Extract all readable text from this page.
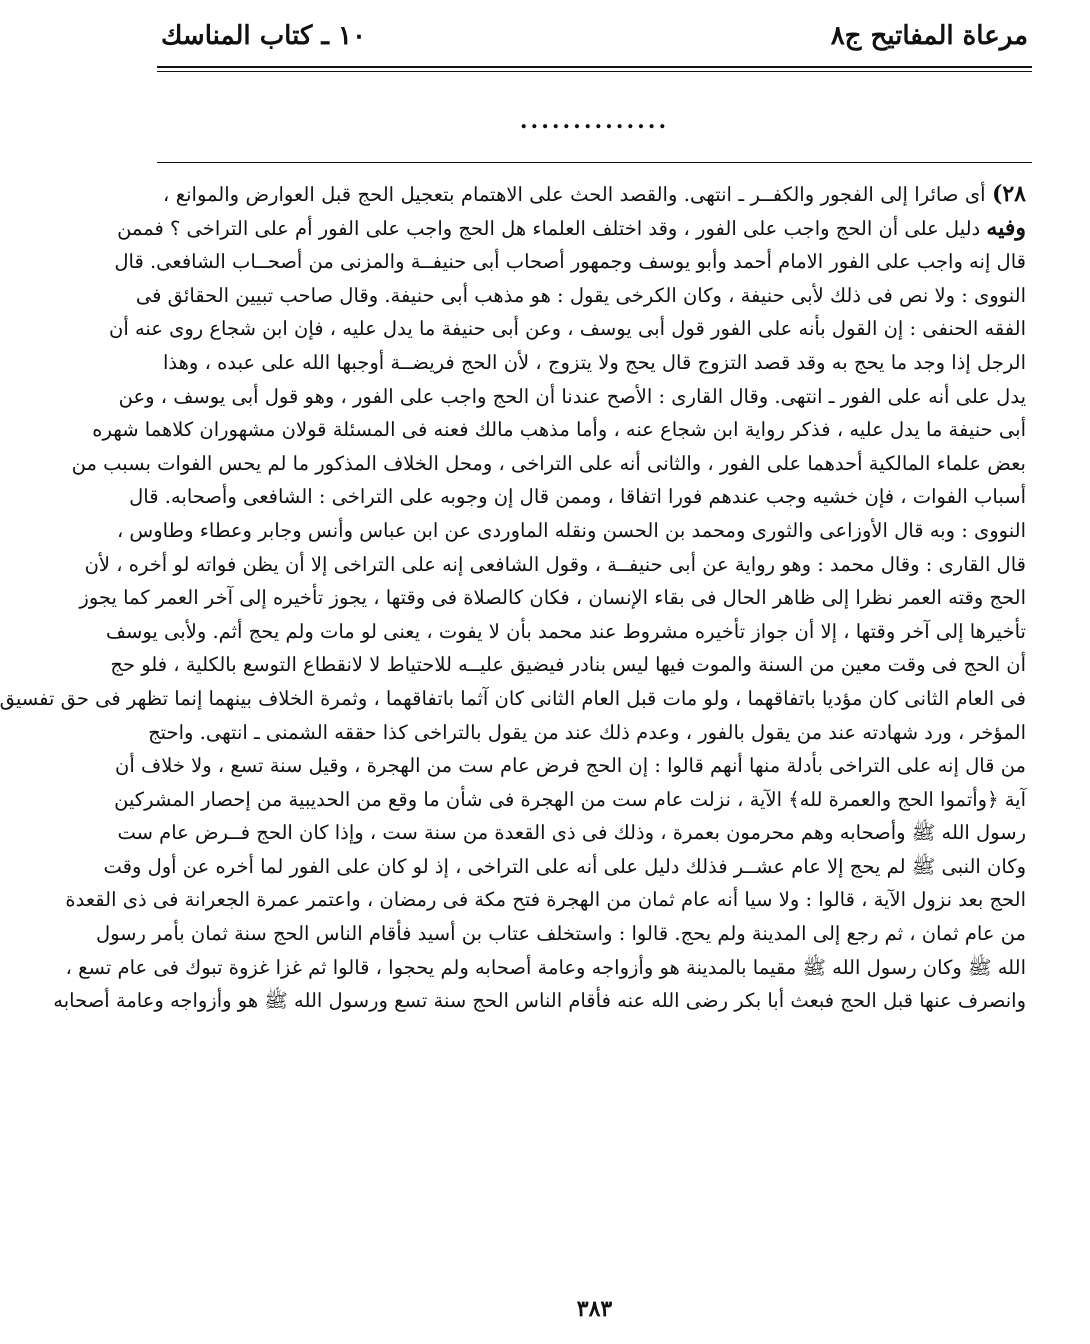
مرعاة المفاتيح ج٨
١٠ ـ كتاب المناسك
..............
٢٨) أى صائرا إلى الفجور والكفــر ـ انتهى. والقصد الحث على الاهتمام بتعجيل الحج قبل العوارض والموانع ،
وفيه دليل على أن الحج واجب على الفور ، وقد اختلف العلماء هل الحج واجب على الفور أم على التراخى ؟ فممن
قال إنه واجب على الفور الامام أحمد وأبو يوسف وجمهور أصحاب أبى حنيفــة والمزنى من أصحــاب الشافعى. قال
النووى : ولا نص فى ذلك لأبى حنيفة ، وكان الكرخى يقول : هو مذهب أبى حنيفة. وقال صاحب تبيين الحقائق فى
الفقه الحنفى : إن القول بأنه على الفور قول أبى يوسف ، وعن أبى حنيفة ما يدل عليه ، فإن ابن شجاع روى عنه أن
الرجل إذا وجد ما يحج به وقد قصد التزوج قال يحج ولا يتزوج ، لأن الحج فريضــة أوجبها الله على عبده ، وهذا
يدل على أنه على الفور ـ انتهى. وقال القارى : الأصح عندنا أن الحج واجب على الفور ، وهو قول أبى يوسف ، وعن
أبى حنيفة ما يدل عليه ، فذكر رواية ابن شجاع عنه ، وأما مذهب مالك فعنه فى المسئلة قولان مشهوران كلاهما شهره
بعض علماء المالكية أحدهما على الفور ، والثانى أنه على التراخى ، ومحل الخلاف المذكور ما لم يحس الفوات بسبب من
أسباب الفوات ، فإن خشيه وجب عندهم فورا اتفاقا ، وممن قال إن وجوبه على التراخى : الشافعى وأصحابه. قال
النووى : وبه قال الأوزاعى والثورى ومحمد بن الحسن ونقله الماوردى عن ابن عباس وأنس وجابر وعطاء وطاوس ،
قال القارى : وقال محمد : وهو رواية عن أبى حنيفــة ، وقول الشافعى إنه على التراخى إلا أن يظن فواته لو أخره ، لأن
الحج وقته العمر نظرا إلى ظاهر الحال فى بقاء الإنسان ، فكان كالصلاة فى وقتها ، يجوز تأخيره إلى آخر العمر كما يجوز
تأخيرها إلى آخر وقتها ، إلا أن جواز تأخيره مشروط عند محمد بأن لا يفوت ، يعنى لو مات ولم يحج أثم. ولأبى يوسف
أن الحج فى وقت معين من السنة والموت فيها ليس بنادر فيضيق عليــه للاحتياط لا لانقطاع التوسع بالكلية ، فلو حج
فى العام الثانى كان مؤديا باتفاقهما ، ولو مات قبل العام الثانى كان آثما باتفاقهما ، وثمرة الخلاف بينهما إنما تظهر فى حق تفسيق
المؤخر ، ورد شهادته عند من يقول بالفور ، وعدم ذلك عند من يقول بالتراخى كذا حققه الشمنى ـ انتهى. واحتج
من قال إنه على التراخى بأدلة منها أنهم قالوا : إن الحج فرض عام ست من الهجرة ، وقيل سنة تسع ، ولا خلاف أن
آية ﴿وأتموا الحج والعمرة لله﴾ الآية ، نزلت عام ست من الهجرة فى شأن ما وقع من الحديبية من إحصار المشركين
رسول الله ﷺ وأصحابه وهم محرمون بعمرة ، وذلك فى ذى القعدة من سنة ست ، وإذا كان الحج فــرض عام ست
وكان النبى ﷺ لم يحج إلا عام عشــر فذلك دليل على أنه على التراخى ، إذ لو كان على الفور لما أخره عن أول وقت
الحج بعد نزول الآية ، قالوا : ولا سيا أنه عام ثمان من الهجرة فتح مكة فى رمضان ، واعتمر عمرة الجعرانة فى ذى القعدة
من عام ثمان ، ثم رجع إلى المدينة ولم يحج. قالوا : واستخلف عتاب بن أسيد فأقام الناس الحج سنة ثمان بأمر رسول
الله ﷺ وكان رسول الله ﷺ مقيما بالمدينة هو وأزواجه وعامة أصحابه ولم يحجوا ، قالوا ثم غزا غزوة تبوك فى عام تسع ،
وانصرف عنها قبل الحج فبعث أبا بكر رضى الله عنه فأقام الناس الحج سنة تسع ورسول الله ﷺ هو وأزواجه وعامة أصحابه
٣٨٣
